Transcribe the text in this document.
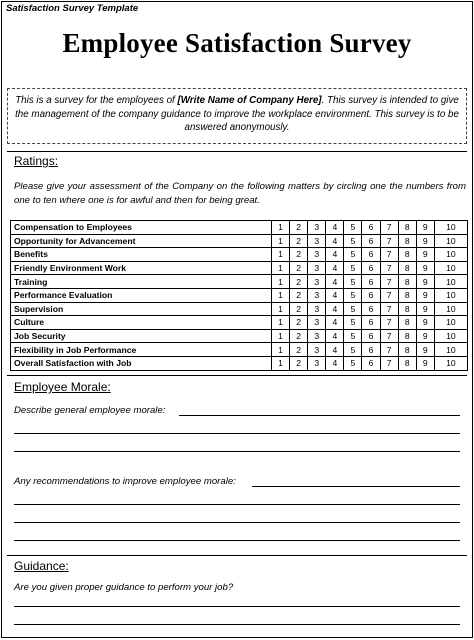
Satisfaction Survey Template
Employee Satisfaction Survey
This is a survey for the employees of [Write Name of Company Here]. This survey is intended to give the management of the company guidance to improve the workplace environment. This survey is to be answered anonymously.
Ratings:
Please give your assessment of the Company on the following matters by circling one the numbers from one to ten where one is for awful and then for being great.
Compensation to Employees	1	2	3	4	5	6	7	8	9	10
Opportunity for Advancement	1	2	3	4	5	6	7	8	9	10
Benefits	1	2	3	4	5	6	7	8	9	10
Friendly Environment Work	1	2	3	4	5	6	7	8	9	10
Training	1	2	3	4	5	6	7	8	9	10
Performance Evaluation	1	2	3	4	5	6	7	8	9	10
Supervision	1	2	3	4	5	6	7	8	9	10
Culture	1	2	3	4	5	6	7	8	9	10
Job Security	1	2	3	4	5	6	7	8	9	10
Flexibility in Job Performance	1	2	3	4	5	6	7	8	9	10
Overall Satisfaction with Job	1	2	3	4	5	6	7	8	9	10
Employee Morale:
Describe general employee morale:
Any recommendations to improve employee morale:
Guidance:
Are you given proper guidance to perform your job?
